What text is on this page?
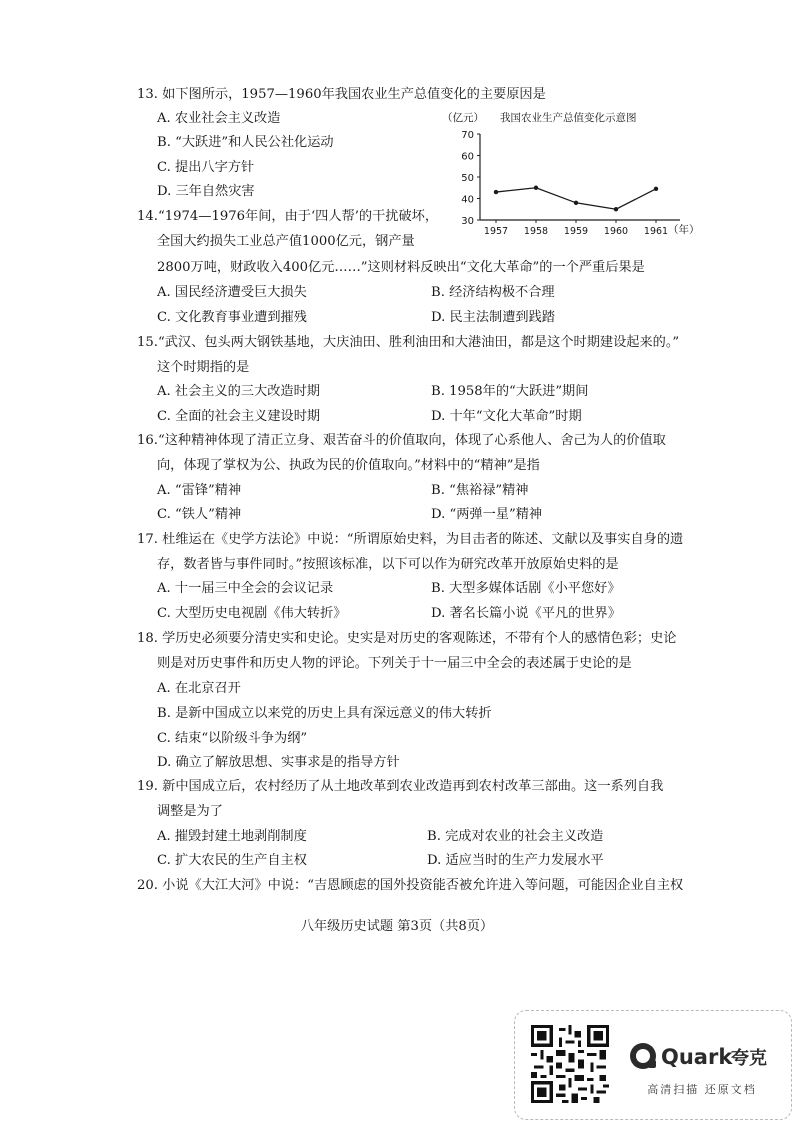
13. 如下图所示，1957—1960年我国农业生产总值变化的主要原因是
A. 农业社会主义改造
B. “大跃进”和人民公社化运动
C. 提出八字方针
D. 三年自然灾害
（亿元） 我国农业生产总值变化示意图
70
60
50
40
30
1957 1958 1959 1960 1961 （年）
14.“1974—1976年间，由于‘四人帮’的干扰破坏，
全国大约损失工业总产值1000亿元，钢产量
2800万吨，财政收入400亿元……”这则材料反映出“文化大革命”的一个严重后果是
A. 国民经济遭受巨大损失	B. 经济结构极不合理
C. 文化教育事业遭到摧残	D. 民主法制遭到践踏
15.“武汉、包头两大钢铁基地，大庆油田、胜利油田和大港油田，都是这个时期建设起来的。”
这个时期指的是
A. 社会主义的三大改造时期	B. 1958年的“大跃进”期间
C. 全面的社会主义建设时期	D. 十年“文化大革命”时期
16.“这种精神体现了清正立身、艰苦奋斗的价值取向，体现了心系他人、舍己为人的价值取
向，体现了掌权为公、执政为民的价值取向。”材料中的“精神”是指
A. “雷锋”精神	B. “焦裕禄”精神
C. “铁人”精神	D. “两弹一星”精神
17. 杜维运在《史学方法论》中说：“所谓原始史料，为目击者的陈述、文献以及事实自身的遗
存，数者皆与事件同时。”按照该标准，以下可以作为研究改革开放原始史料的是
A. 十一届三中全会的会议记录	B. 大型多媒体话剧《小平您好》
C. 大型历史电视剧《伟大转折》	D. 著名长篇小说《平凡的世界》
18. 学历史必须要分清史实和史论。史实是对历史的客观陈述，不带有个人的感情色彩；史论
则是对历史事件和历史人物的评论。下列关于十一届三中全会的表述属于史论的是
A. 在北京召开
B. 是新中国成立以来党的历史上具有深远意义的伟大转折
C. 结束“以阶级斗争为纲”
D. 确立了解放思想、实事求是的指导方针
19. 新中国成立后，农村经历了从土地改革到农业改造再到农村改革三部曲。这一系列自我
调整是为了
A. 摧毁封建土地剥削制度	B. 完成对农业的社会主义改造
C. 扩大农民的生产自主权	D. 适应当时的生产力发展水平
20. 小说《大江大河》中说：“吉恩顾虑的国外投资能否被允许进入等问题，可能因企业自主权
八年级历史试题 第3页（共8页）
Quark
夸克
高清扫描 还原文档
